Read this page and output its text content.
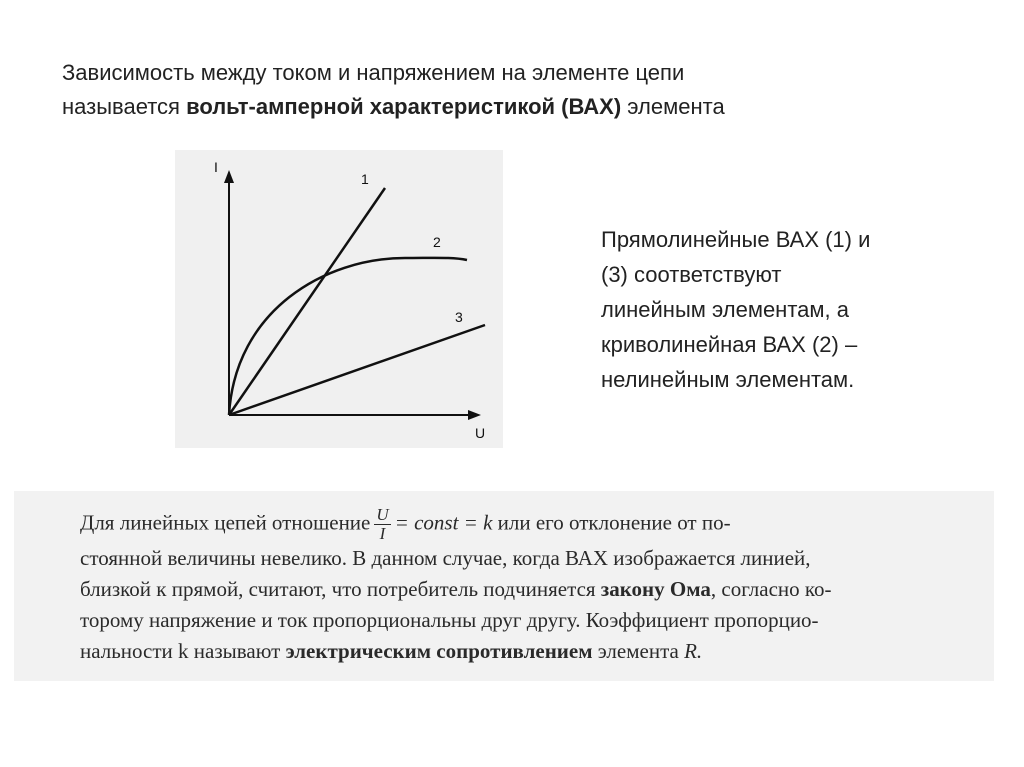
Зависимость между током и напряжением на элементе цепи
называется вольт-амперной характеристикой (ВАХ) элемента
I
U
1
2
3
Прямолинейные ВАХ (1) и
(3) соответствуют
линейным элементам, а
криволинейная ВАХ (2) –
нелинейным элементам.
Для линейных цепей отношение $\frac{U}{I}$ = const = k или его отклонение от по-
стоянной величины невелико. В данном случае, когда ВАХ изображается линией,
близкой к прямой, считают, что потребитель подчиняется закону Ома, согласно ко-
торому напряжение и ток пропорциональны друг другу. Коэффициент пропорцио-
нальности k называют электрическим сопротивлением элемента R.
